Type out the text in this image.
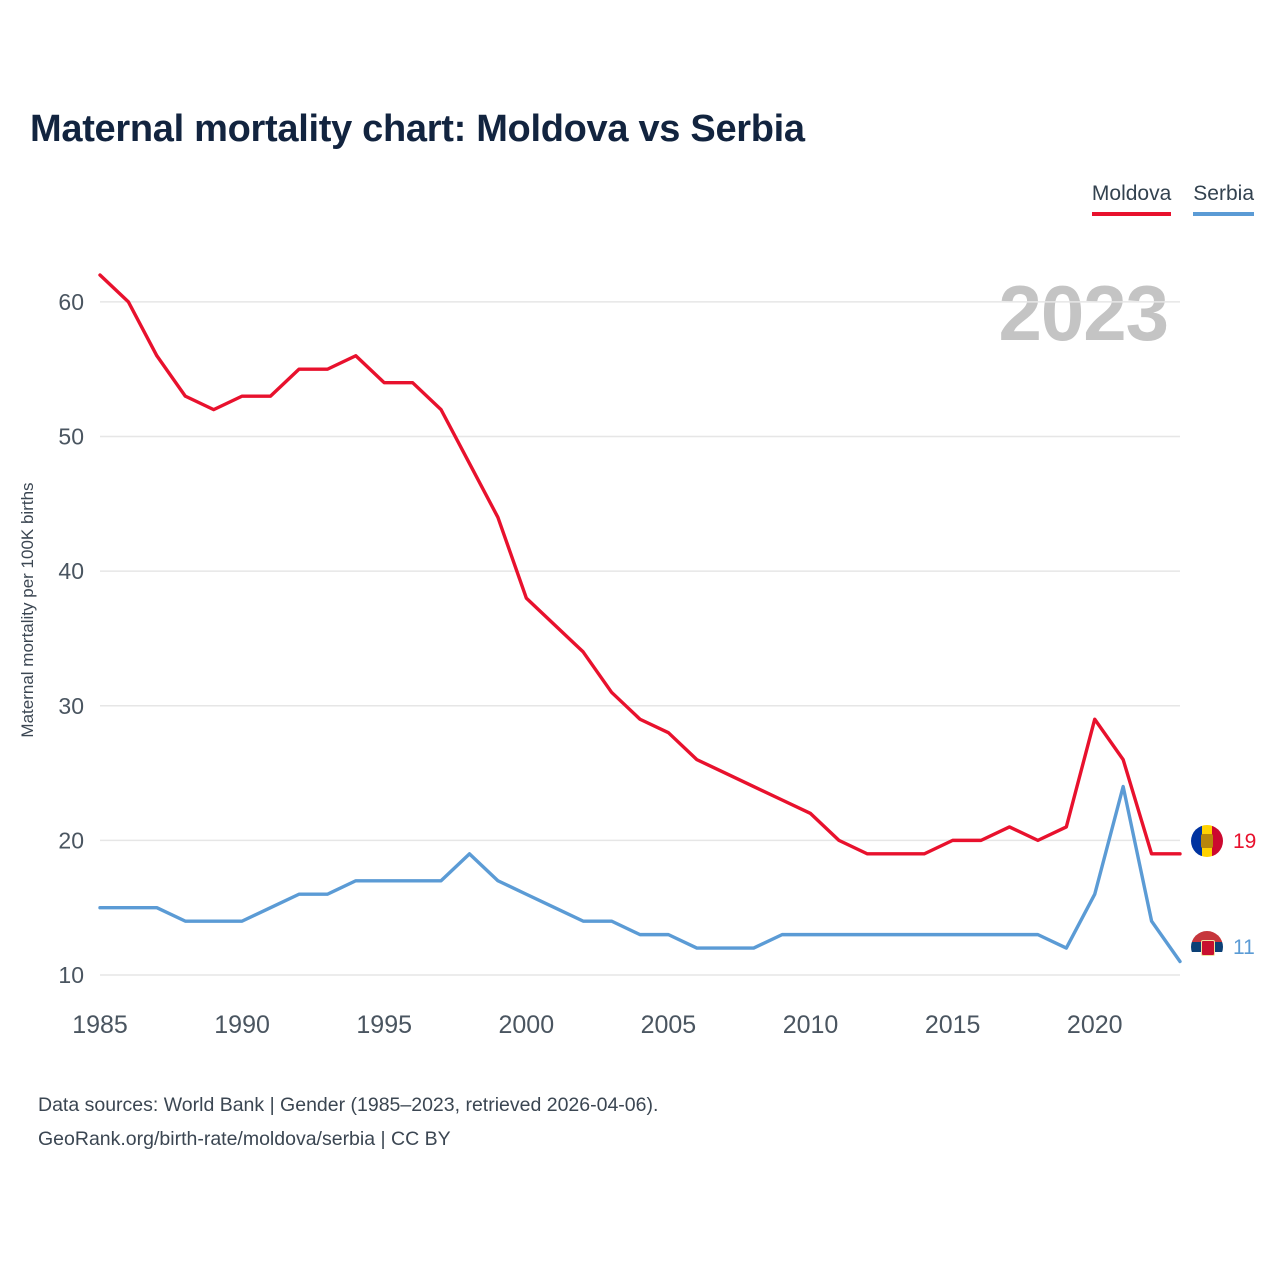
Maternal mortality chart: Moldova vs Serbia
Moldova Serbia
2023
Maternal mortality per 100K births
10
20
30
40
50
60
1985	1990	1995	2000	2005	2010	2015	2020
19
11
Data sources: World Bank | Gender (1985–2023, retrieved 2026-04-06).
GeoRank.org/birth-rate/moldova/serbia | CC BY
